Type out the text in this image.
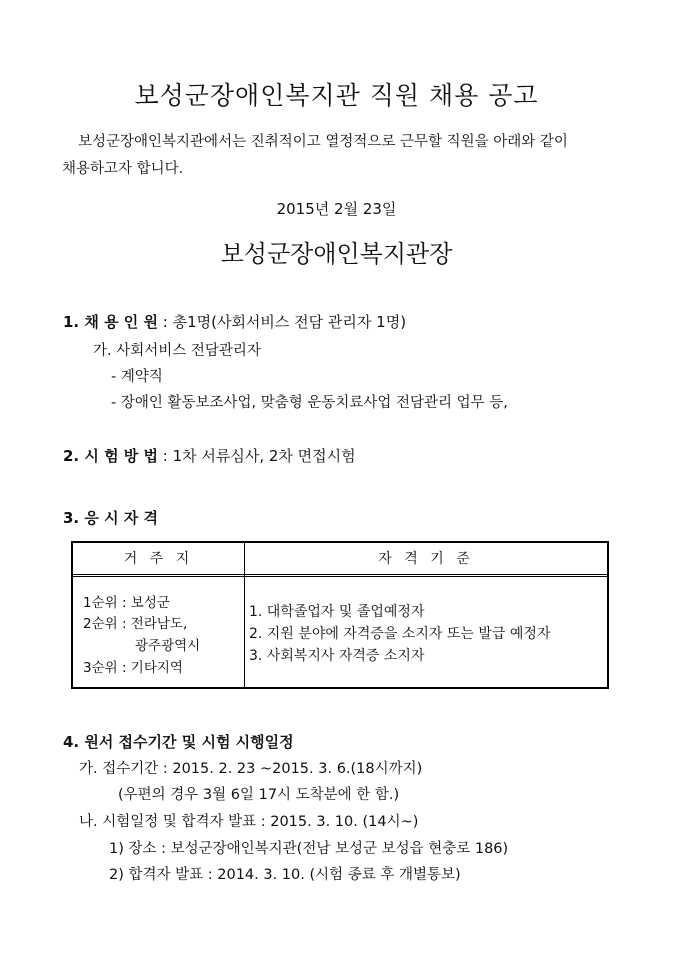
보성군장애인복지관 직원 채용 공고
보성군장애인복지관에서는 진취적이고 열정적으로 근무할 직원을 아래와 같이
채용하고자 합니다.
2015년 2월 23일
보성군장애인복지관장
1. 채 용 인 원 : 총1명(사회서비스 전담 관리자 1명)
가. 사회서비스 전담관리자
- 계약직
- 장애인 활동보조사업, 맞춤형 운동치료사업 전담관리 업무 등,
2. 시 험 방 법 : 1차 서류심사, 2차 면접시험
3. 응 시 자 격
거 주 지	자 격 기 준
1순위 : 보성군
2순위 : 전라남도,
광주광역시
3순위 : 기타지역
1. 대학졸업자 및 졸업예정자
2. 지원 분야에 자격증을 소지자 또는 발급 예정자
3. 사회복지사 자격증 소지자
4. 원서 접수기간 및 시험 시행일정
가. 접수기간 : 2015. 2. 23 ~2015. 3. 6.(18시까지)
(우편의 경우 3월 6일 17시 도착분에 한 함.)
나. 시험일정 및 합격자 발표 : 2015. 3. 10. (14시~)
1) 장소 : 보성군장애인복지관(전남 보성군 보성읍 현충로 186)
2) 합격자 발표 : 2014. 3. 10. (시험 종료 후 개별통보)
